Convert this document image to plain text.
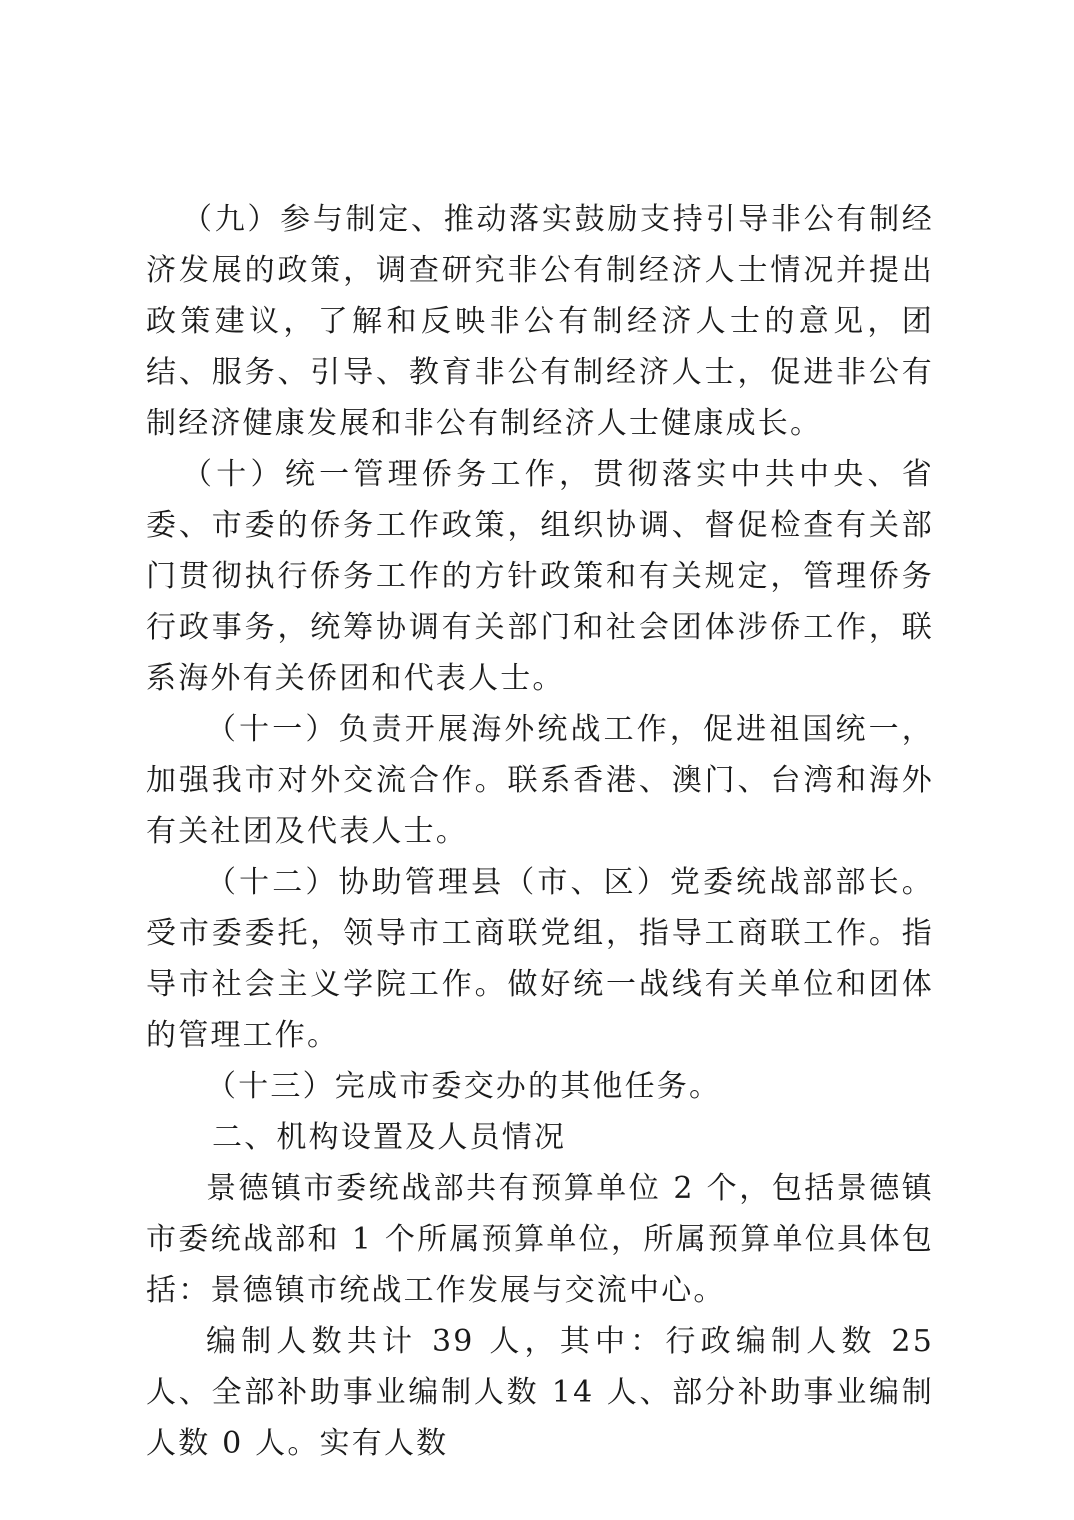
（九）参与制定、推动落实鼓励支持引导非公有制经济发展的政策，调查研究非公有制经济人士情况并提出政策建议，了解和反映非公有制经济人士的意见，团结、服务、引导、教育非公有制经济人士，促进非公有制经济健康发展和非公有制经济人士健康成长。

（十）统一管理侨务工作，贯彻落实中共中央、省委、市委的侨务工作政策，组织协调、督促检查有关部门贯彻执行侨务工作的方针政策和有关规定，管理侨务行政事务，统筹协调有关部门和社会团体涉侨工作，联系海外有关侨团和代表人士。

（十一）负责开展海外统战工作，促进祖国统一，加强我市对外交流合作。联系香港、澳门、台湾和海外有关社团及代表人士。

（十二）协助管理县（市、区）党委统战部部长。受市委委托，领导市工商联党组，指导工商联工作。指导市社会主义学院工作。做好统一战线有关单位和团体的管理工作。

（十三）完成市委交办的其他任务。

二、机构设置及人员情况

景德镇市委统战部共有预算单位 2 个，包括景德镇市委统战部和 1 个所属预算单位，所属预算单位具体包括：景德镇市统战工作发展与交流中心。

编制人数共计 39 人，其中：行政编制人数 25 人、全部补助事业编制人数 14 人、部分补助事业编制人数 0 人。实有人数
